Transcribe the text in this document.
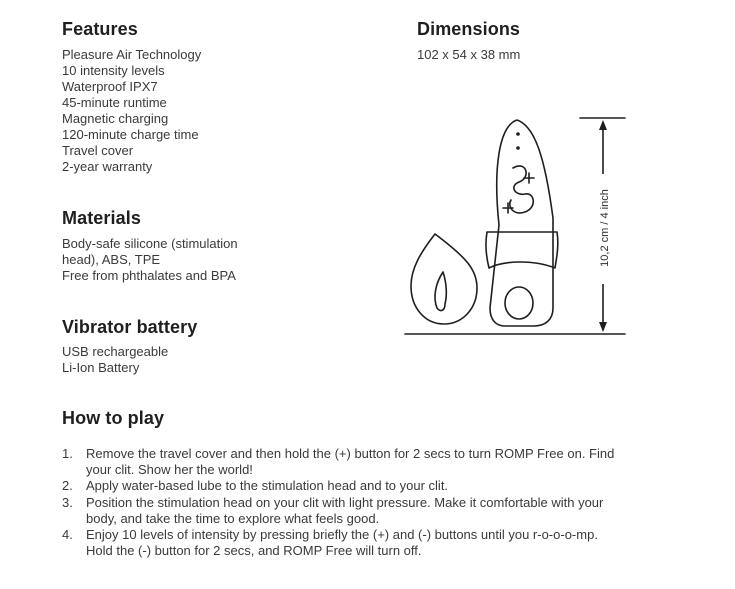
Features
Pleasure Air Technology
10 intensity levels
Waterproof IPX7
45-minute runtime
Magnetic charging
120-minute charge time
Travel cover
2-year warranty
Dimensions
102 x 54 x 38 mm
Materials
Body-safe silicone (stimulation
head), ABS, TPE
Free from phthalates and BPA
Vibrator battery
USB rechargeable
Li-Ion Battery
10,2 cm / 4 inch
How to play
1.	Remove the travel cover and then hold the (+) button for 2 secs to turn ROMP Free on. Find your clit. Show her the world!
2.	Apply water-based lube to the stimulation head and to your clit.
3.	Position the stimulation head on your clit with light pressure. Make it comfortable with your body, and take the time to explore what feels good.
4.	Enjoy 10 levels of intensity by pressing briefly the (+) and (-) buttons until you r-o-o-o-mp. Hold the (-) button for 2 secs, and ROMP Free will turn off.
